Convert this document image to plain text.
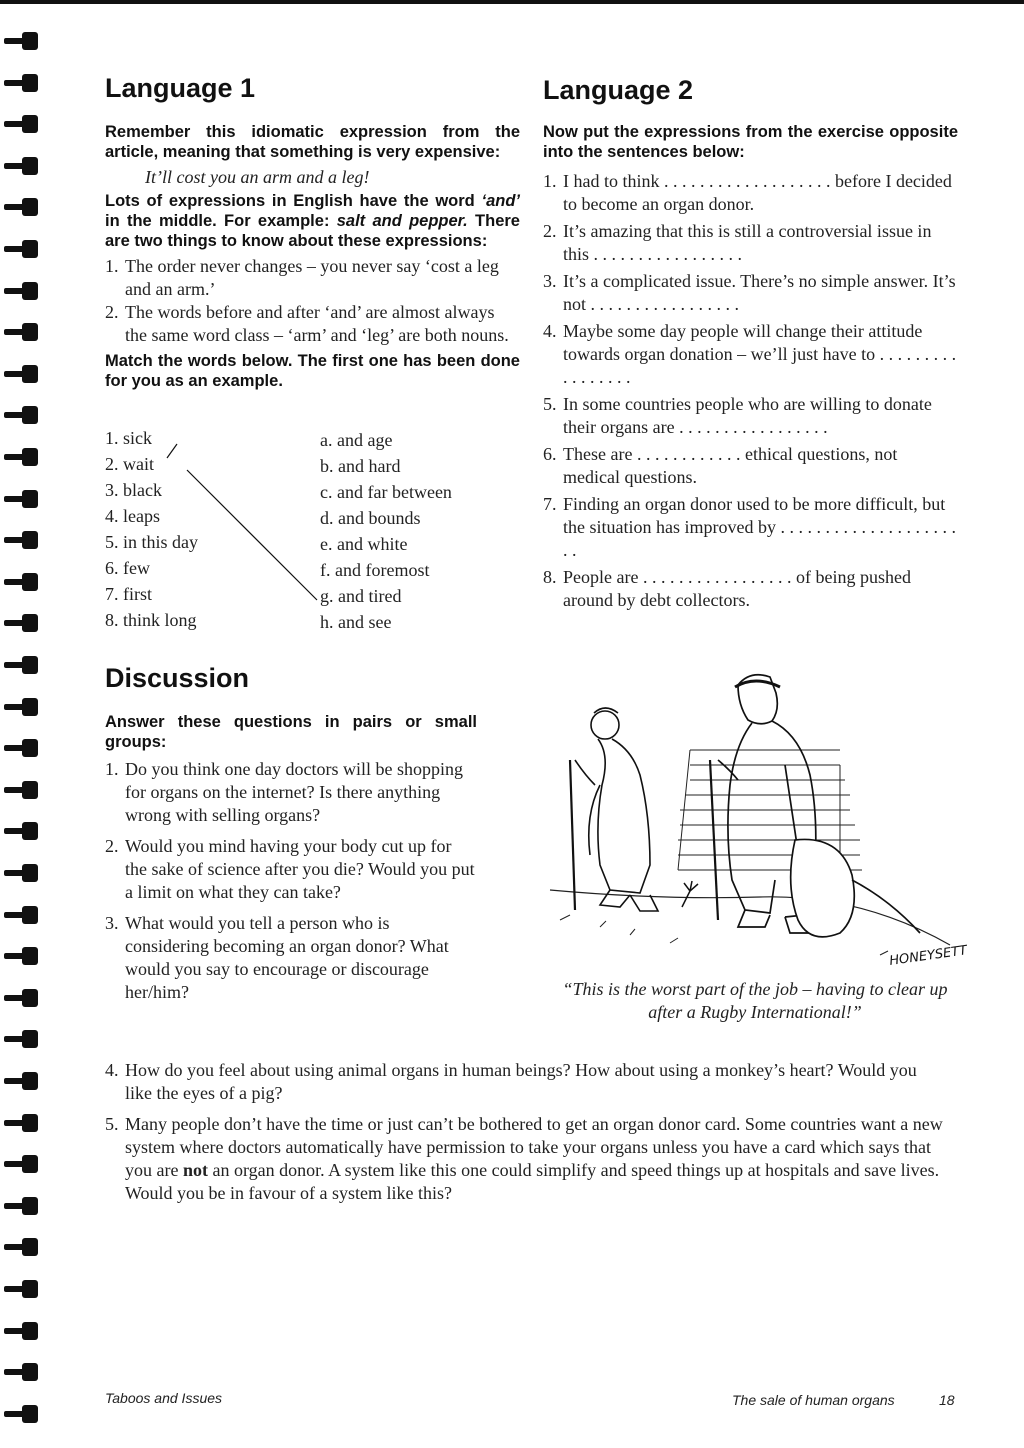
Language 1

Remember this idiomatic expression from the article, meaning that something is very expensive:

It’ll cost you an arm and a leg!

Lots of expressions in English have the word ‘and’ in the middle. For example: salt and pepper. There are two things to know about these expressions:

1. The order never changes – you never say ‘cost a leg and an arm.’
2. The words before and after ‘and’ are almost always the same word class – ‘arm’ and ‘leg’ are both nouns.

Match the words below. The first one has been done for you as an example.

1. sick
2. wait
3. black
4. leaps
5. in this day
6. few
7. first
8. think long
a. and age
b. and hard
c. and far between
d. and bounds
e. and white
f. and foremost
g. and tired
h. and see
Language 2

Now put the expressions from the exercise opposite into the sentences below:

1. I had to think . . . . . . . . . . . . . . . . . . . before I decided to become an organ donor.
2. It’s amazing that this is still a controversial issue in this . . . . . . . . . . . . . . . . .
3. It’s a complicated issue. There’s no simple answer. It’s not . . . . . . . . . . . . . . . . .
4. Maybe some day people will change their attitude towards organ donation – we’ll just have to . . . . . . . . . . . . . . . . .
5. In some countries people who are willing to donate their organs are . . . . . . . . . . . . . . . . .
6. These are . . . . . . . . . . . . ethical questions, not medical questions.
7. Finding an organ donor used to be more difficult, but the situation has improved by . . . . . . . . . . . . . . . . . . . . . .
8. People are . . . . . . . . . . . . . . . . . of being pushed around by debt collectors.
Discussion

Answer these questions in pairs or small groups:

1. Do you think one day doctors will be shopping for organs on the internet? Is there anything wrong with selling organs?
2. Would you mind having your body cut up for the sake of science after you die? Would you put a limit on what they can take?
3. What would you tell a person who is considering becoming an organ donor? What would you say to encourage or discourage her/him?
4. How do you feel about using animal organs in human beings? How about using a monkey’s heart? Would you like the eyes of a pig?
5. Many people don’t have the time or just can’t be bothered to get an organ donor card. Some countries want a new system where doctors automatically have permission to take your organs unless you have a card which says that you are not an organ donor. A system like this one could simplify and speed things up at hospitals and save lives. Would you be in favour of a system like this?
HONEYSETT
“This is the worst part of the job – having to clear up after a Rugby International!”
Taboos and Issues	The sale of human organs	18
